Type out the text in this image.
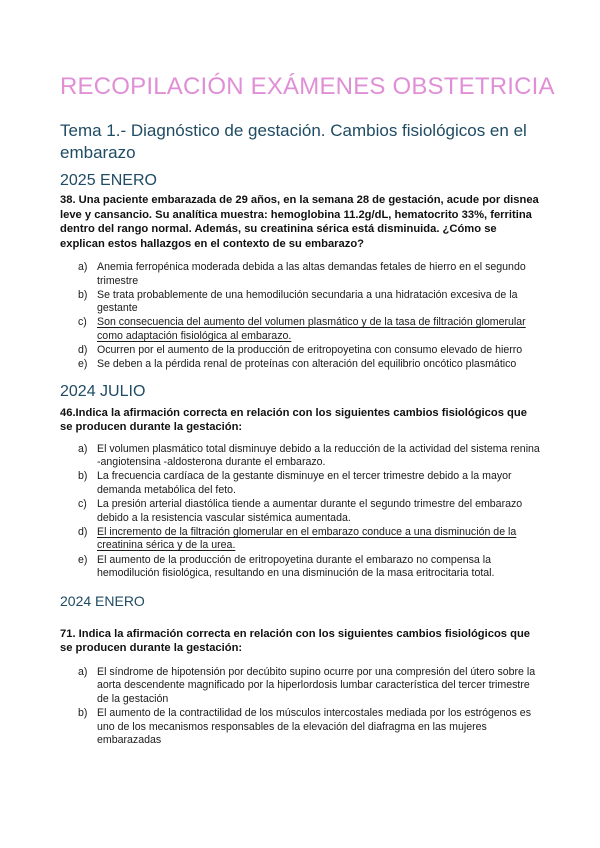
RECOPILACIÓN EXÁMENES OBSTETRICIA
Tema 1.- Diagnóstico de gestación. Cambios fisiológicos en el embarazo
2025 ENERO

38. Una paciente embarazada de 29 años, en la semana 28 de gestación, acude por disnea leve y cansancio. Su analítica muestra: hemoglobina 11.2g/dL, hematocrito 33%, ferritina dentro del rango normal. Además, su creatinina sérica está disminuida. ¿Cómo se explican estos hallazgos en el contexto de su embarazo?

a) Anemia ferropénica moderada debida a las altas demandas fetales de hierro en el segundo trimestre
b) Se trata probablemente de una hemodilución secundaria a una hidratación excesiva de la gestante
c) Son consecuencia del aumento del volumen plasmático y de la tasa de filtración glomerular como adaptación fisiológica al embarazo.
d) Ocurren por el aumento de la producción de eritropoyetina con consumo elevado de hierro
e) Se deben a la pérdida renal de proteínas con alteración del equilibrio oncótico plasmático
2024 JULIO

46.Indica la afirmación correcta en relación con los siguientes cambios fisiológicos que se producen durante la gestación:

a) El volumen plasmático total disminuye debido a la reducción de la actividad del sistema renina -angiotensina -aldosterona durante el embarazo.
b) La frecuencia cardíaca de la gestante disminuye en el tercer trimestre debido a la mayor demanda metabólica del feto.
c) La presión arterial diastólica tiende a aumentar durante el segundo trimestre del embarazo debido a la resistencia vascular sistémica aumentada.
d) El incremento de la filtración glomerular en el embarazo conduce a una disminución de la creatinina sérica y de la urea.
e) El aumento de la producción de eritropoyetina durante el embarazo no compensa la hemodilución fisiológica, resultando en una disminución de la masa eritrocitaria total.
2024 ENERO

71. Indica la afirmación correcta en relación con los siguientes cambios fisiológicos que se producen durante la gestación:

a) El síndrome de hipotensión por decúbito supino ocurre por una compresión del útero sobre la aorta descendente magnificado por la hiperlordosis lumbar característica del tercer trimestre de la gestación
b) El aumento de la contractilidad de los músculos intercostales mediada por los estrógenos es uno de los mecanismos responsables de la elevación del diafragma en las mujeres embarazadas
